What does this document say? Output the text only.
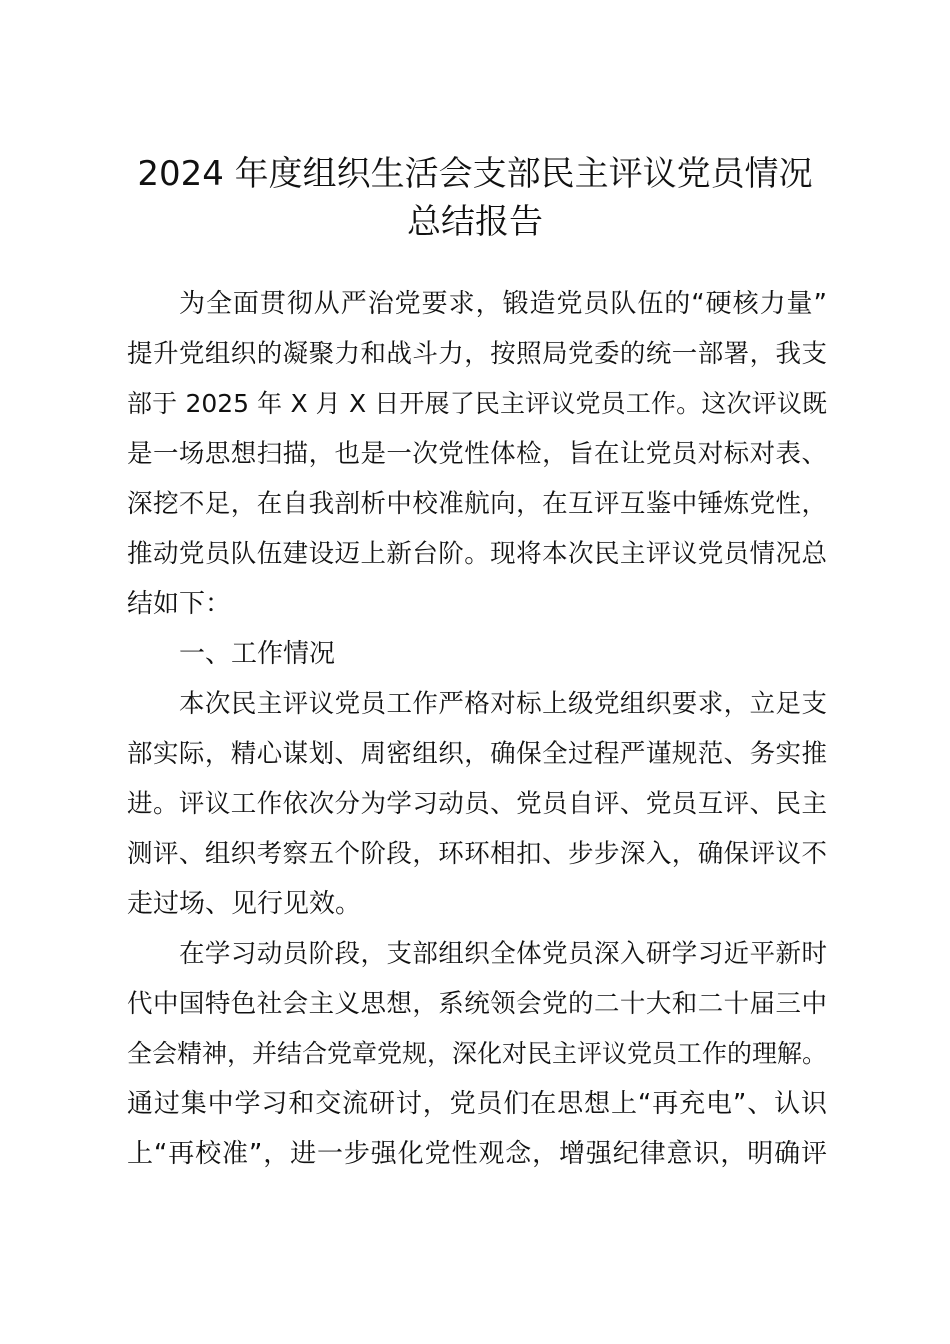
2024 年度组织生活会支部民主评议党员情况
总结报告
为全面贯彻从严治党要求，锻造党员队伍的“硬核力量”
提升党组织的凝聚力和战斗力，按照局党委的统一部署，我支
部于 2025 年 X 月 X 日开展了民主评议党员工作。这次评议既
是一场思想扫描，也是一次党性体检，旨在让党员对标对表、
深挖不足，在自我剖析中校准航向，在互评互鉴中锤炼党性，
推动党员队伍建设迈上新台阶。现将本次民主评议党员情况总
结如下：
一、工作情况
本次民主评议党员工作严格对标上级党组织要求，立足支
部实际，精心谋划、周密组织，确保全过程严谨规范、务实推
进。评议工作依次分为学习动员、党员自评、党员互评、民主
测评、组织考察五个阶段，环环相扣、步步深入，确保评议不
走过场、见行见效。
在学习动员阶段，支部组织全体党员深入研学习近平新时
代中国特色社会主义思想，系统领会党的二十大和二十届三中
全会精神，并结合党章党规，深化对民主评议党员工作的理解。
通过集中学习和交流研讨，党员们在思想上“再充电”、认识
上“再校准”，进一步强化党性观念，增强纪律意识，明确评
